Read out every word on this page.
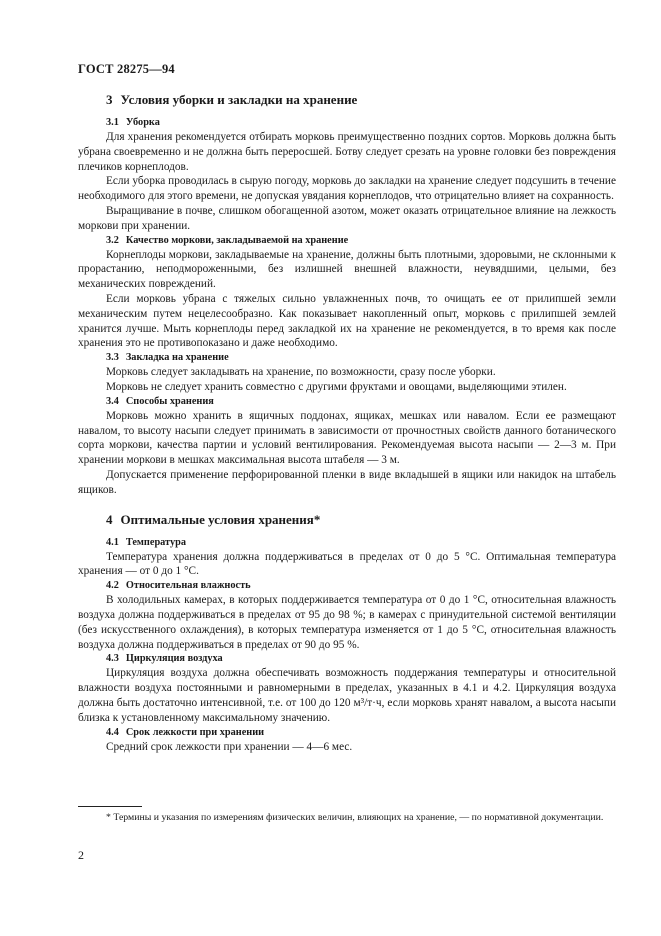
ГОСТ 28275—94
3 Условия уборки и закладки на хранение
3.1 Уборка

Для хранения рекомендуется отбирать морковь преимущественно поздних сортов. Морковь должна быть убрана своевременно и не должна быть переросшей. Ботву следует срезать на уровне головки без повреждения плечиков корнеплодов.

Если уборка проводилась в сырую погоду, морковь до закладки на хранение следует подсушить в течение необходимого для этого времени, не допуская увядания корнеплодов, что отрицательно влияет на сохранность.

Выращивание в почве, слишком обогащенной азотом, может оказать отрицательное влияние на лежкость моркови при хранении.

3.2 Качество моркови, закладываемой на хранение

Корнеплоды моркови, закладываемые на хранение, должны быть плотными, здоровыми, не склонными к прорастанию, неподмороженными, без излишней внешней влажности, неувядшими, целыми, без механических повреждений.

Если морковь убрана с тяжелых сильно увлажненных почв, то очищать ее от прилипшей земли механическим путем нецелесообразно. Как показывает накопленный опыт, морковь с прилипшей землей хранится лучше. Мыть корнеплоды перед закладкой их на хранение не рекомендуется, в то время как после хранения это не противопоказано и даже необходимо.

3.3 Закладка на хранение

Морковь следует закладывать на хранение, по возможности, сразу после уборки.

Морковь не следует хранить совместно с другими фруктами и овощами, выделяющими этилен.

3.4 Способы хранения

Морковь можно хранить в ящичных поддонах, ящиках, мешках или навалом. Если ее размещают навалом, то высоту насыпи следует принимать в зависимости от прочностных свойств данного ботанического сорта моркови, качества партии и условий вентилирования. Рекомендуемая высота насыпи — 2—3 м. При хранении моркови в мешках максимальная высота штабеля — 3 м.

Допускается применение перфорированной пленки в виде вкладышей в ящики или накидок на штабель ящиков.

4 Оптимальные условия хранения*
4.1 Температура

Температура хранения должна поддерживаться в пределах от 0 до 5 °С. Оптимальная температура хранения — от 0 до 1 °С.

4.2 Относительная влажность

В холодильных камерах, в которых поддерживается температура от 0 до 1 °С, относительная влажность воздуха должна поддерживаться в пределах от 95 до 98 %; в камерах с принудительной системой вентиляции (без искусственного охлаждения), в которых температура изменяется от 1 до 5 °С, относительная влажность воздуха должна поддерживаться в пределах от 90 до 95 %.

4.3 Циркуляция воздуха

Циркуляция воздуха должна обеспечивать возможность поддержания температуры и относительной влажности воздуха постоянными и равномерными в пределах, указанных в 4.1 и 4.2. Циркуляция воздуха должна быть достаточно интенсивной, т.е. от 100 до 120 м³/т·ч, если морковь хранят навалом, а высота насыпи близка к установленному максимальному значению.

4.4 Срок лежкости при хранении

Средний срок лежкости при хранении — 4—6 мес.

* Термины и указания по измерениям физических величин, влияющих на хранение, — по нормативной документации.
2
